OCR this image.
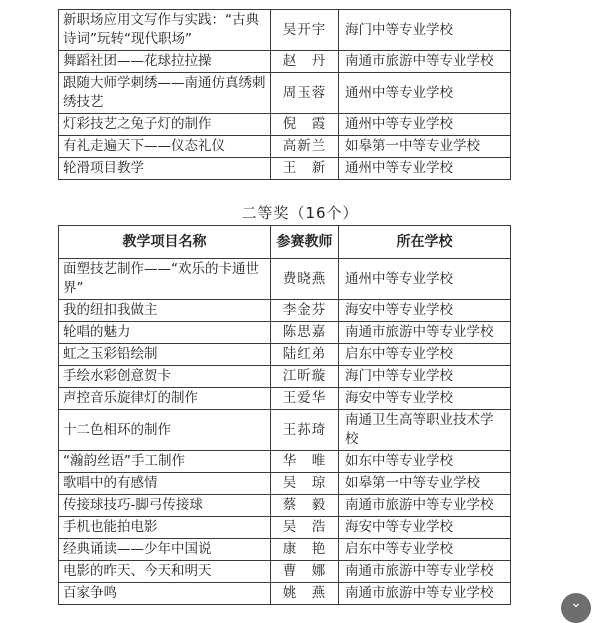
新职场应用文写作与实践：“古典诗词”玩转“现代职场”	吴开宇	海门中等专业学校
舞蹈社团——花球拉拉操	赵　丹	南通市旅游中等专业学校
跟随大师学刺绣——南通仿真绣刺绣技艺	周玉蓉	通州中等专业学校
灯彩技艺之兔子灯的制作	倪　霞	通州中等专业学校
有礼走遍天下——仪态礼仪	高新兰	如皋第一中等专业学校
轮滑项目教学	王　新	通州中等专业学校
二等奖（16个）
教学项目名称	参赛教师	所在学校
面塑技艺制作——“欢乐的卡通世界”	费晓燕	通州中等专业学校
我的纽扣我做主	李金芬	海安中等专业学校
轮唱的魅力	陈思嘉	南通市旅游中等专业学校
虹之玉彩铅绘制	陆红弟	启东中等专业学校
手绘水彩创意贺卡	江昕璇	海门中等专业学校
声控音乐旋律灯的制作	王爱华	海安中等专业学校
十二色相环的制作	王荪琦	南通卫生高等职业技术学校
“瀚韵丝语”手工制作	华　唯	如东中等专业学校
歌唱中的有感情	吴　琼	如皋第一中等专业学校
传接球技巧-脚弓传接球	蔡　毅	南通市旅游中等专业学校
手机也能拍电影	吴　浩	海安中等专业学校
经典诵读——少年中国说	康　艳	启东中等专业学校
电影的昨天、今天和明天	曹　娜	南通市旅游中等专业学校
百家争鸣	姚　燕	南通市旅游中等专业学校
⌄
